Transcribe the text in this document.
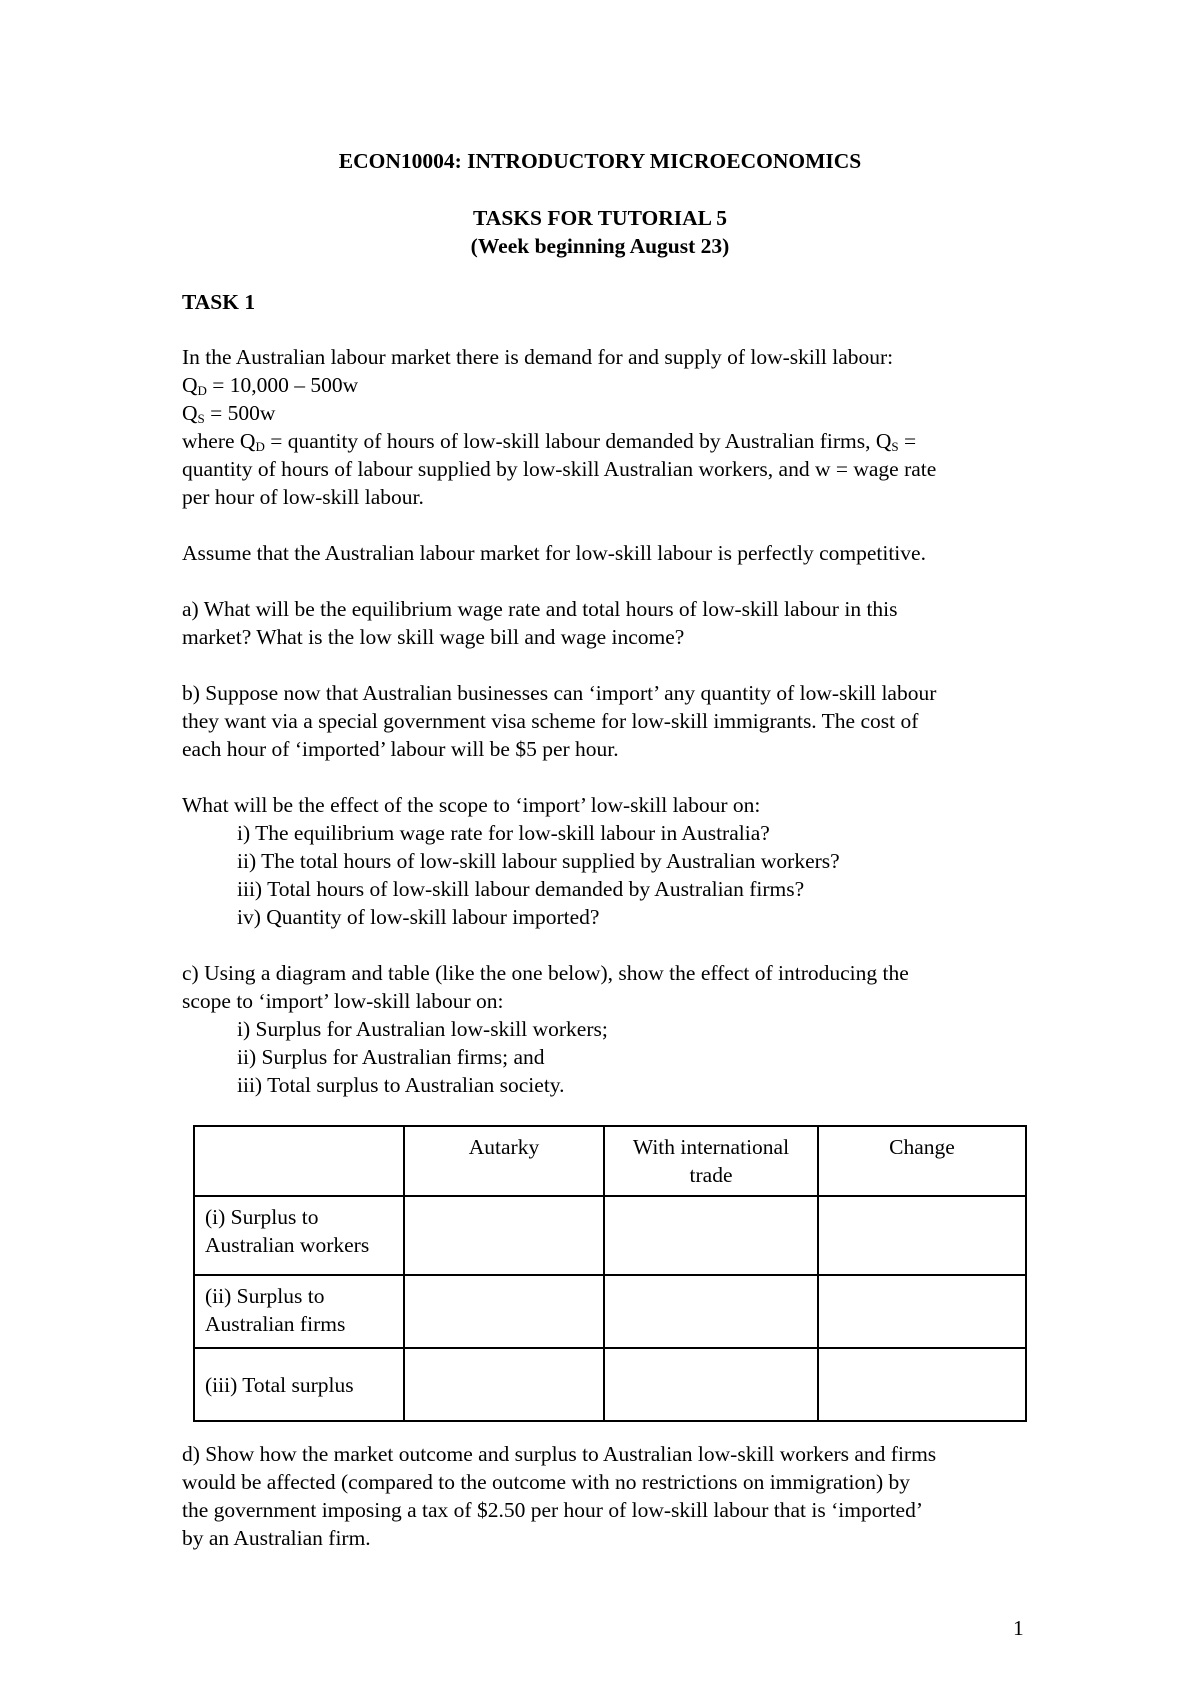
ECON10004: INTRODUCTORY MICROECONOMICS
TASKS FOR TUTORIAL 5
(Week beginning August 23)
TASK 1
In the Australian labour market there is demand for and supply of low-skill labour:
$Q_D = 10,000 - 500w$
$Q_S = 500w$
where $Q_D$ = quantity of hours of low-skill labour demanded by Australian firms, $Q_S$ =
quantity of hours of labour supplied by low-skill Australian workers, and w = wage rate
per hour of low-skill labour.
Assume that the Australian labour market for low-skill labour is perfectly competitive.
a) What will be the equilibrium wage rate and total hours of low-skill labour in this
market? What is the low skill wage bill and wage income?
b) Suppose now that Australian businesses can ‘import’ any quantity of low-skill labour
they want via a special government visa scheme for low-skill immigrants. The cost of
each hour of ‘imported’ labour will be $5 per hour.
What will be the effect of the scope to ‘import’ low-skill labour on:
i) The equilibrium wage rate for low-skill labour in Australia?
ii) The total hours of low-skill labour supplied by Australian workers?
iii) Total hours of low-skill labour demanded by Australian firms?
iv) Quantity of low-skill labour imported?
c) Using a diagram and table (like the one below), show the effect of introducing the
scope to ‘import’ low-skill labour on:
i) Surplus for Australian low-skill workers;
ii) Surplus for Australian firms; and
iii) Total surplus to Australian society.
	Autarky	With international trade	Change
(i) Surplus to Australian workers			
(ii) Surplus to Australian firms			
(iii) Total surplus			
d) Show how the market outcome and surplus to Australian low-skill workers and firms
would be affected (compared to the outcome with no restrictions on immigration) by
the government imposing a tax of $2.50 per hour of low-skill labour that is ‘imported’
by an Australian firm.
1
